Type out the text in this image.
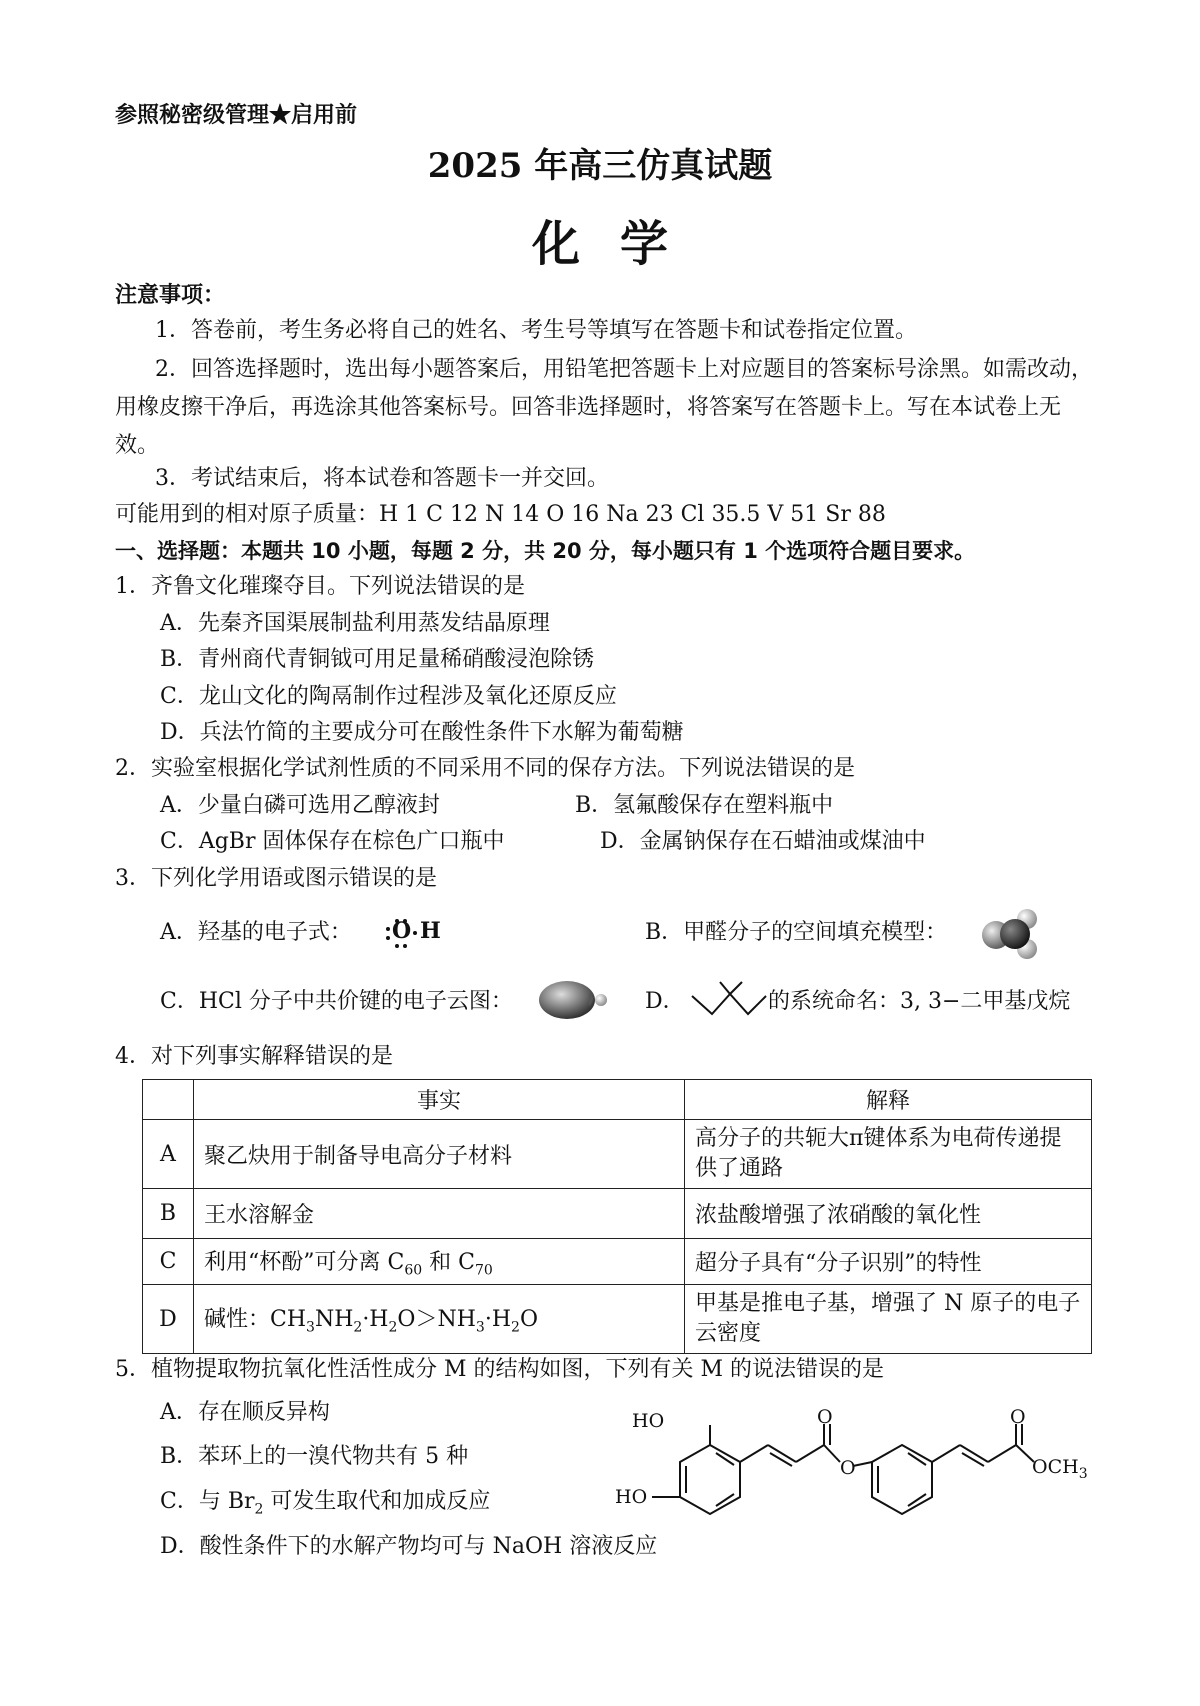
参照秘密级管理★启用前
2025 年高三仿真试题
化学
注意事项：
1．答卷前，考生务必将自己的姓名、考生号等填写在答题卡和试卷指定位置。
2．回答选择题时，选出每小题答案后，用铅笔把答题卡上对应题目的答案标号涂黑。如需改动，用橡皮擦干净后，再选涂其他答案标号。回答非选择题时，将答案写在答题卡上。写在本试卷上无效。
3．考试结束后，将本试卷和答题卡一并交回。
可能用到的相对原子质量：H 1 C 12 N 14 O 16 Na 23 Cl 35.5 V 51 Sr 88
一、选择题：本题共 10 小题，每题 2 分，共 20 分，每小题只有 1 个选项符合题目要求。
1．齐鲁文化璀璨夺目。下列说法错误的是
A．先秦齐国渠展制盐利用蒸发结晶原理
B．青州商代青铜钺可用足量稀硝酸浸泡除锈
C．龙山文化的陶鬲制作过程涉及氧化还原反应
D．兵法竹简的主要成分可在酸性条件下水解为葡萄糖
2．实验室根据化学试剂性质的不同采用不同的保存方法。下列说法错误的是
A．少量白磷可选用乙醇液封	B．氢氟酸保存在塑料瓶中
C．AgBr 固体保存在棕色广口瓶中	D．金属钠保存在石蜡油或煤油中
3．下列化学用语或图示错误的是
A．羟基的电子式： O H	B．甲醛分子的空间填充模型：
C．HCl 分子中共价键的电子云图：	D．	的系统命名：3, 3−二甲基戊烷
4．对下列事实解释错误的是
	事实	解释
A	聚乙炔用于制备导电高分子材料	高分子的共轭大π键体系为电荷传递提供了通路
B	王水溶解金	浓盐酸增强了浓硝酸的氧化性
C	利用“杯酚”可分离 $C_{60}$ 和 $C_{70}$	超分子具有“分子识别”的特性
D	碱性：$CH_3NH_2\cdot H_2O>NH_3\cdot H_2O$	甲基是推电子基，增强了 N 原子的电子云密度
5．植物提取物抗氧化性活性成分 M 的结构如图，下列有关 M 的说法错误的是
A．存在顺反异构
B．苯环上的一溴代物共有 5 种
C．与 $Br_2$ 可发生取代和加成反应
D．酸性条件下的水解产物均可与 NaOH 溶液反应
HO
HO
O
O
O
$OCH_3$
